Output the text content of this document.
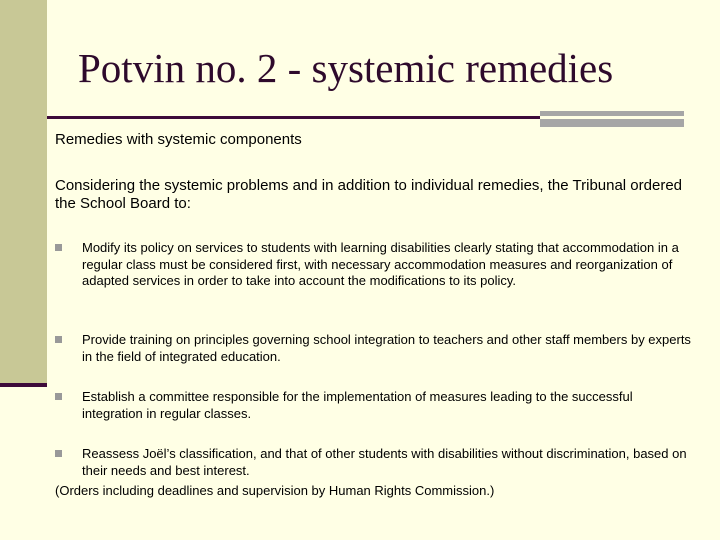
Potvin no. 2 - systemic remedies
Remedies with systemic components
Considering the systemic problems and in addition to individual remedies, the Tribunal ordered the School Board to:
Modify its policy on services to students with learning disabilities clearly stating that accommodation in a regular class must be considered first, with necessary accommodation measures and reorganization of adapted services in order to take into account the modifications to its policy.
Provide training on principles governing school integration to teachers and other staff members by experts in the field of integrated education.
Establish a committee responsible for the implementation of measures leading to the successful integration in regular classes.
Reassess Joël’s classification, and that of other students with disabilities without discrimination, based on their needs and best interest.
(Orders including deadlines and supervision by Human Rights Commission.)
